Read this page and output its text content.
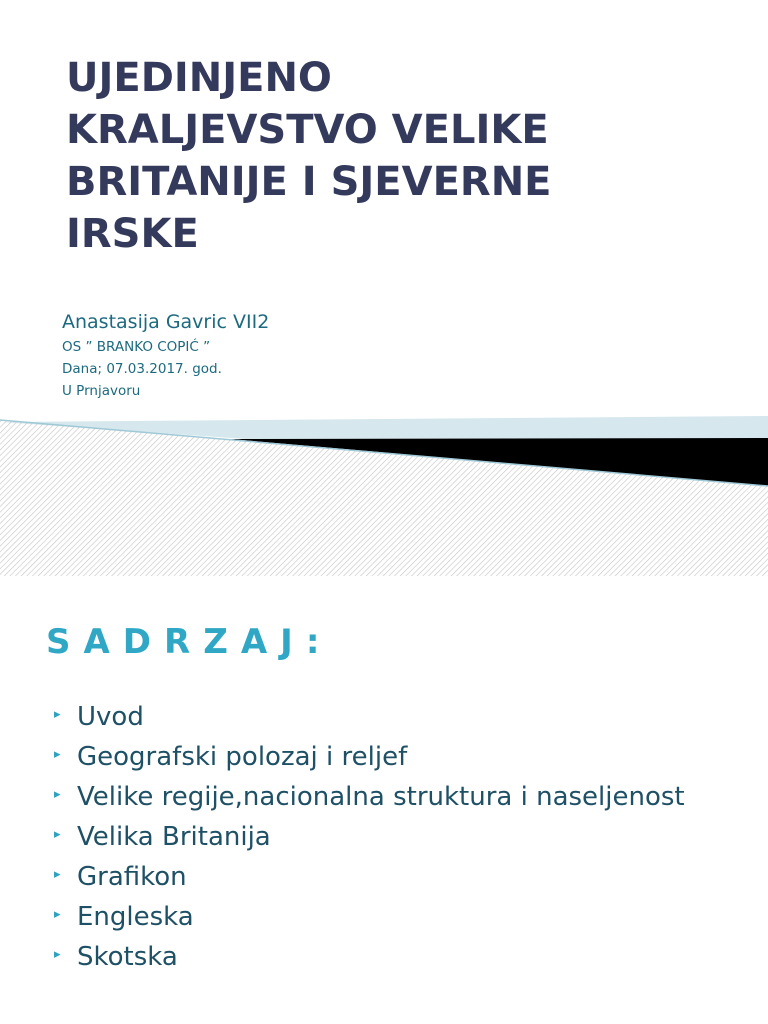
UJEDINJENO
KRALJEVSTVO VELIKE
BRITANIJE I SJEVERNE
IRSKE
Anastasija Gavric VII2
OS ” BRANKO COPIĆ ”
Dana; 07.03.2017. god.
U Prnjavoru
SADRZAJ:
▸ Uvod
▸ Geografski polozaj i reljef
▸ Velike regije,nacionalna struktura i naseljenost
▸ Velika Britanija
▸ Grafikon
▸ Engleska
▸ Skotska
